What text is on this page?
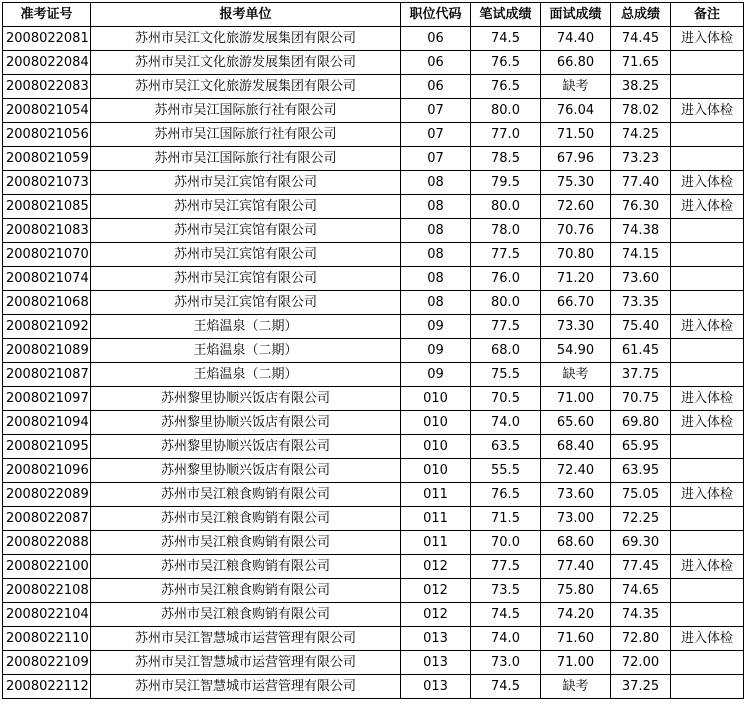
准考证号	报考单位	职位代码	笔试成绩	面试成绩	总成绩	备注
2008022081	苏州市吴江文化旅游发展集团有限公司	06	74.5	74.40	74.45	进入体检
2008022084	苏州市吴江文化旅游发展集团有限公司	06	76.5	66.80	71.65	
2008022083	苏州市吴江文化旅游发展集团有限公司	06	76.5	缺考	38.25	
2008021054	苏州市吴江国际旅行社有限公司	07	80.0	76.04	78.02	进入体检
2008021056	苏州市吴江国际旅行社有限公司	07	77.0	71.50	74.25	
2008021059	苏州市吴江国际旅行社有限公司	07	78.5	67.96	73.23	
2008021073	苏州市吴江宾馆有限公司	08	79.5	75.30	77.40	进入体检
2008021085	苏州市吴江宾馆有限公司	08	80.0	72.60	76.30	进入体检
2008021083	苏州市吴江宾馆有限公司	08	78.0	70.76	74.38	
2008021070	苏州市吴江宾馆有限公司	08	77.5	70.80	74.15	
2008021074	苏州市吴江宾馆有限公司	08	76.0	71.20	73.60	
2008021068	苏州市吴江宾馆有限公司	08	80.0	66.70	73.35	
2008021092	王焰温泉（二期）	09	77.5	73.30	75.40	进入体检
2008021089	王焰温泉（二期）	09	68.0	54.90	61.45	
2008021087	王焰温泉（二期）	09	75.5	缺考	37.75	
2008021097	苏州黎里协顺兴饭店有限公司	010	70.5	71.00	70.75	进入体检
2008021094	苏州黎里协顺兴饭店有限公司	010	74.0	65.60	69.80	进入体检
2008021095	苏州黎里协顺兴饭店有限公司	010	63.5	68.40	65.95	
2008021096	苏州黎里协顺兴饭店有限公司	010	55.5	72.40	63.95	
2008022089	苏州市吴江粮食购销有限公司	011	76.5	73.60	75.05	进入体检
2008022087	苏州市吴江粮食购销有限公司	011	71.5	73.00	72.25	
2008022088	苏州市吴江粮食购销有限公司	011	70.0	68.60	69.30	
2008022100	苏州市吴江粮食购销有限公司	012	77.5	77.40	77.45	进入体检
2008022108	苏州市吴江粮食购销有限公司	012	73.5	75.80	74.65	
2008022104	苏州市吴江粮食购销有限公司	012	74.5	74.20	74.35	
2008022110	苏州市吴江智慧城市运营管理有限公司	013	74.0	71.60	72.80	进入体检
2008022109	苏州市吴江智慧城市运营管理有限公司	013	73.0	71.00	72.00	
2008022112	苏州市吴江智慧城市运营管理有限公司	013	74.5	缺考	37.25	
